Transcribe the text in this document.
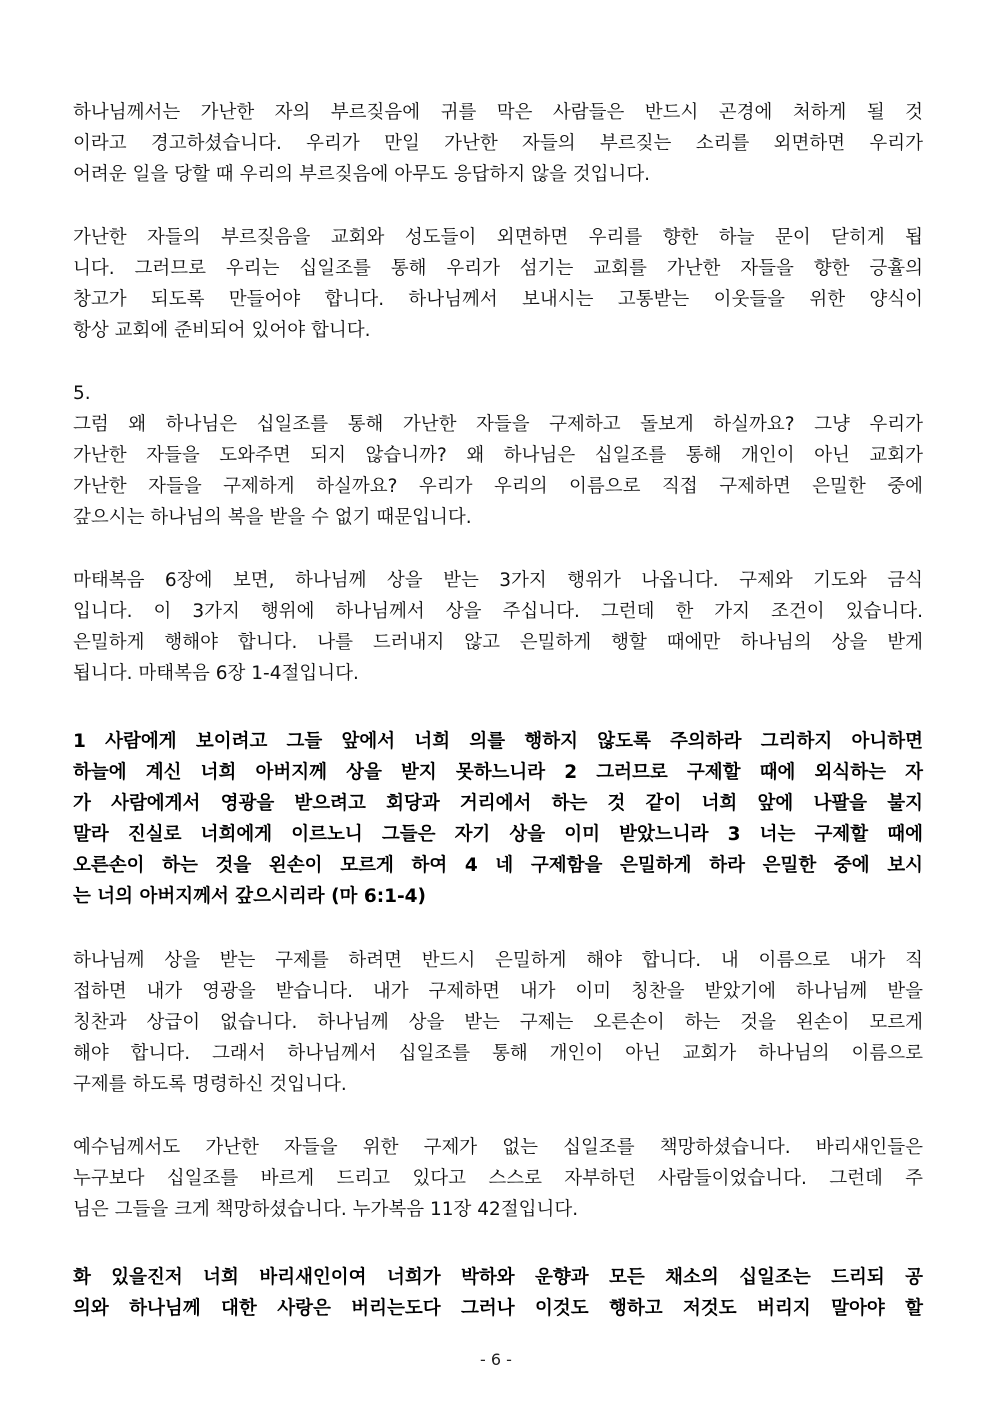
하나님께서는 가난한 자의 부르짖음에 귀를 막은 사람들은 반드시 곤경에 처하게 될 것
이라고 경고하셨습니다. 우리가 만일 가난한 자들의 부르짖는 소리를 외면하면 우리가
어려운 일을 당할 때 우리의 부르짖음에 아무도 응답하지 않을 것입니다.
가난한 자들의 부르짖음을 교회와 성도들이 외면하면 우리를 향한 하늘 문이 닫히게 됩
니다. 그러므로 우리는 십일조를 통해 우리가 섬기는 교회를 가난한 자들을 향한 긍휼의
창고가 되도록 만들어야 합니다. 하나님께서 보내시는 고통받는 이웃들을 위한 양식이
항상 교회에 준비되어 있어야 합니다.
5.
그럼 왜 하나님은 십일조를 통해 가난한 자들을 구제하고 돌보게 하실까요? 그냥 우리가
가난한 자들을 도와주면 되지 않습니까? 왜 하나님은 십일조를 통해 개인이 아닌 교회가
가난한 자들을 구제하게 하실까요? 우리가 우리의 이름으로 직접 구제하면 은밀한 중에
갚으시는 하나님의 복을 받을 수 없기 때문입니다.
마태복음 6장에 보면, 하나님께 상을 받는 3가지 행위가 나옵니다. 구제와 기도와 금식
입니다. 이 3가지 행위에 하나님께서 상을 주십니다. 그런데 한 가지 조건이 있습니다.
은밀하게 행해야 합니다. 나를 드러내지 않고 은밀하게 행할 때에만 하나님의 상을 받게
됩니다. 마태복음 6장 1-4절입니다.
1 사람에게 보이려고 그들 앞에서 너희 의를 행하지 않도록 주의하라 그리하지 아니하면
하늘에 계신 너희 아버지께 상을 받지 못하느니라 2 그러므로 구제할 때에 외식하는 자
가 사람에게서 영광을 받으려고 회당과 거리에서 하는 것 같이 너희 앞에 나팔을 불지
말라 진실로 너희에게 이르노니 그들은 자기 상을 이미 받았느니라 3 너는 구제할 때에
오른손이 하는 것을 왼손이 모르게 하여 4 네 구제함을 은밀하게 하라 은밀한 중에 보시
는 너의 아버지께서 갚으시리라 (마 6:1-4)
하나님께 상을 받는 구제를 하려면 반드시 은밀하게 해야 합니다. 내 이름으로 내가 직
접하면 내가 영광을 받습니다. 내가 구제하면 내가 이미 칭찬을 받았기에 하나님께 받을
칭찬과 상급이 없습니다. 하나님께 상을 받는 구제는 오른손이 하는 것을 왼손이 모르게
해야 합니다. 그래서 하나님께서 십일조를 통해 개인이 아닌 교회가 하나님의 이름으로
구제를 하도록 명령하신 것입니다.
예수님께서도 가난한 자들을 위한 구제가 없는 십일조를 책망하셨습니다. 바리새인들은
누구보다 십일조를 바르게 드리고 있다고 스스로 자부하던 사람들이었습니다. 그런데 주
님은 그들을 크게 책망하셨습니다. 누가복음 11장 42절입니다.
화 있을진저 너희 바리새인이여 너희가 박하와 운향과 모든 채소의 십일조는 드리되 공
의와 하나님께 대한 사랑은 버리는도다 그러나 이것도 행하고 저것도 버리지 말아야 할
- 6 -
